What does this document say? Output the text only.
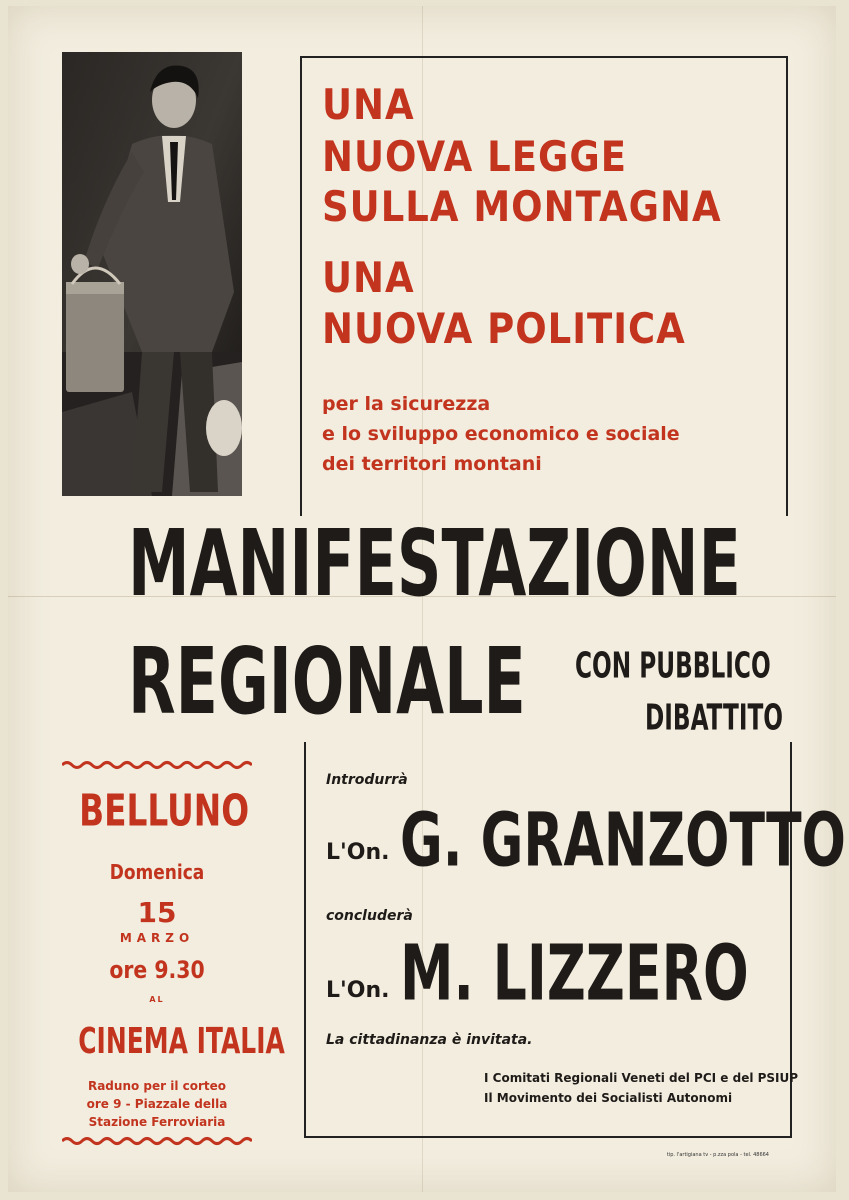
UNA
NUOVA LEGGE
SULLA MONTAGNA
UNA
NUOVA POLITICA
per la sicurezza
e lo sviluppo economico e sociale
dei territori montani
MANIFESTAZIONE
REGIONALE CON PUBBLICO
DIBATTITO
BELLUNO
Domenica
15
MARZO
ore 9.30
AL
CINEMA ITALIA
Raduno per il corteo
ore 9 - Piazzale della
Stazione Ferroviaria
Introdurrà
L'On. G. GRANZOTTO
concluderà
L'On. M. LIZZERO
La cittadinanza è invitata.
I Comitati Regionali Veneti del PCI e del PSIUP
Il Movimento dei Socialisti Autonomi
tip. l'artigiana tv - p.zza pola - tel. 48664
